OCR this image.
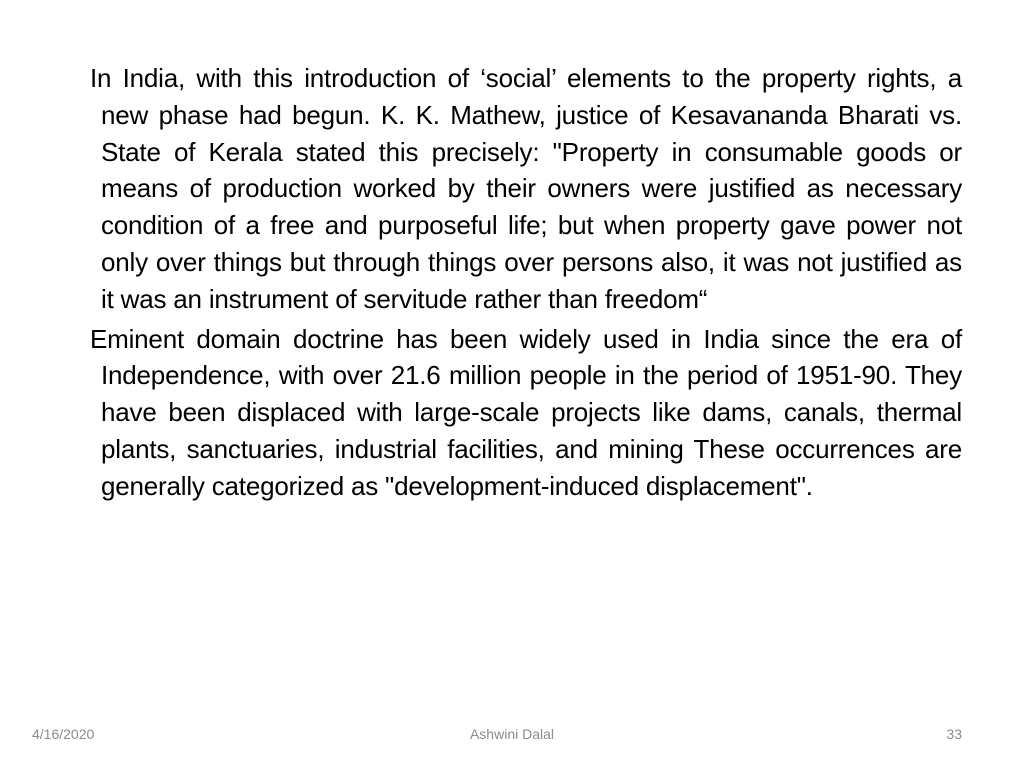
In India, with this introduction of ‘social’ elements to the property rights, a new phase had begun. K. K. Mathew, justice of Kesavananda Bharati vs. State of Kerala stated this precisely: "Property in consumable goods or means of production worked by their owners were justified as necessary condition of a free and purposeful life; but when property gave power not only over things but through things over persons also, it was not justified as it was an instrument of servitude rather than freedom“

Eminent domain doctrine has been widely used in India since the era of Independence, with over 21.6 million people in the period of 1951-90. They have been displaced with large-scale projects like dams, canals, thermal plants, sanctuaries, industrial facilities, and mining These occurrences are generally categorized as "development-induced displacement".

4/16/2020	Ashwini Dalal	33
